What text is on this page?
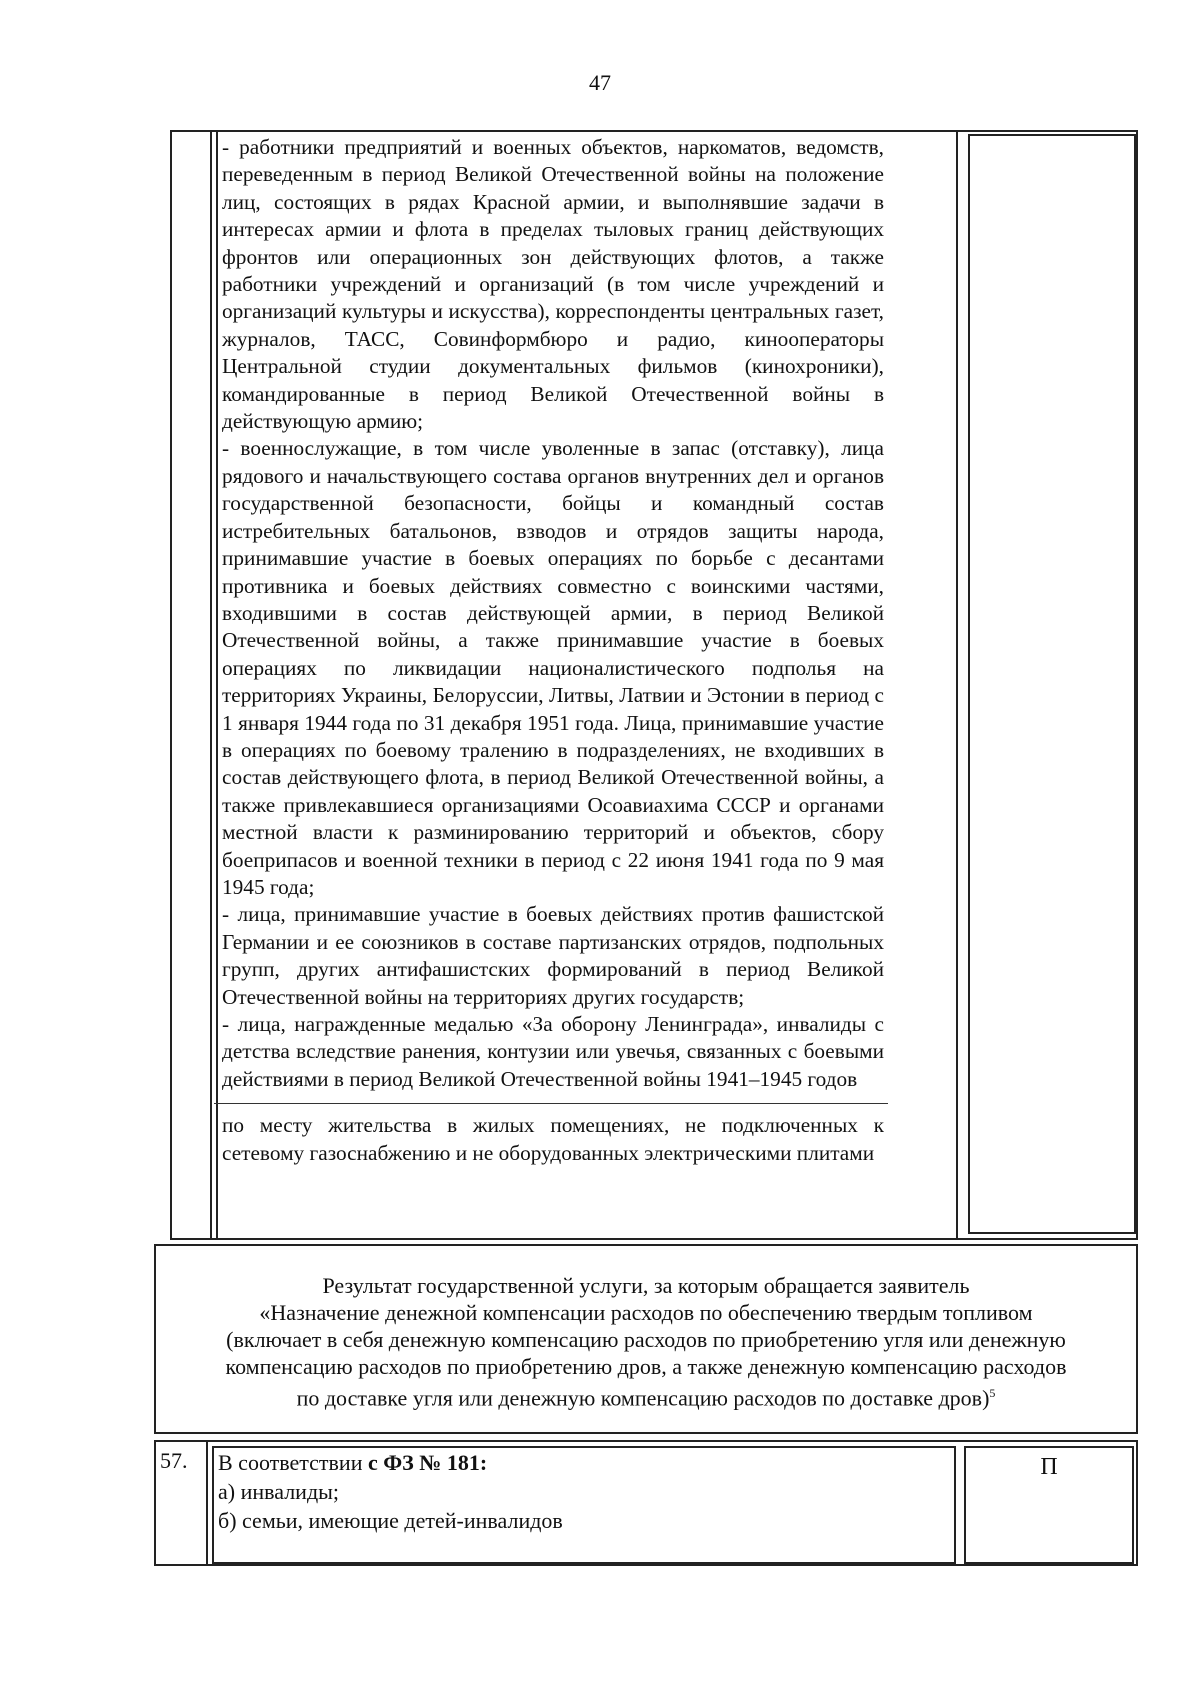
47

- работники предприятий и военных объектов, наркоматов, ведомств, переведенным в период Великой Отечественной войны на положение лиц, состоящих в рядах Красной армии, и выполнявшие задачи в интересах армии и флота в пределах тыловых границ действующих фронтов или операционных зон действующих флотов, а также работники учреждений и организаций (в том числе учреждений и организаций культуры и искусства), корреспонденты центральных газет, журналов, ТАСС, Совинформбюро и радио, кинооператоры Центральной студии документальных фильмов (кинохроники), командированные в период Великой Отечественной войны в действующую армию;

- военнослужащие, в том числе уволенные в запас (отставку), лица рядового и начальствующего состава органов внутренних дел и органов государственной безопасности, бойцы и командный состав истребительных батальонов, взводов и отрядов защиты народа, принимавшие участие в боевых операциях по борьбе с десантами противника и боевых действиях совместно с воинскими частями, входившими в состав действующей армии, в период Великой Отечественной войны, а также принимавшие участие в боевых операциях по ликвидации националистического подполья на территориях Украины, Белоруссии, Литвы, Латвии и Эстонии в период с 1 января 1944 года по 31 декабря 1951 года. Лица, принимавшие участие в операциях по боевому тралению в подразделениях, не входивших в состав действующего флота, в период Великой Отечественной войны, а также привлекавшиеся организациями Осоавиахима СССР и органами местной власти к разминированию территорий и объектов, сбору боеприпасов и военной техники в период с 22 июня 1941 года по 9 мая 1945 года;

- лица, принимавшие участие в боевых действиях против фашистской Германии и ее союзников в составе партизанских отрядов, подпольных групп, других антифашистских формирований в период Великой Отечественной войны на территориях других государств;

- лица, награжденные медалью «За оборону Ленинграда», инвалиды с детства вследствие ранения, контузии или увечья, связанных с боевыми действиями в период Великой Отечественной войны 1941–1945 годов

по месту жительства в жилых помещениях, не подключенных к сетевому газоснабжению и не оборудованных электрическими плитами

Результат государственной услуги, за которым обращается заявитель
«Назначение денежной компенсации расходов по обеспечению твердым топливом
(включает в себя денежную компенсацию расходов по приобретению угля или денежную
компенсацию расходов по приобретению дров, а также денежную компенсацию расходов
по доставке угля или денежную компенсацию расходов по доставке дров)$^5$
57. В соответствии с ФЗ № 181:

а) инвалиды;

б) семьи, имеющие детей-инвалидов

П
